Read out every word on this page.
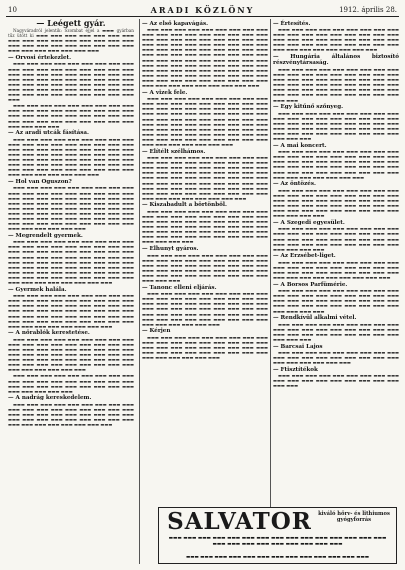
10	ARADI KÖZLÖNY	1912. április 28.
— Leégett gyár.
Nagyváradról jelentik: Szombat éjjel a ▬▬▬ gyárban tűz ütött ki ▬▬▬ ▬▬▬ ▬▬▬ ▬▬▬ ▬▬▬ ▬▬▬ ▬▬▬ ▬▬▬ ▬▬▬ ▬▬▬ ▬▬▬ ▬▬▬ ▬▬▬ ▬▬▬ ▬▬▬ ▬▬▬ ▬▬▬ ▬▬▬ ▬▬▬ ▬▬▬ ▬▬▬ ▬▬▬ ▬▬▬ ▬▬▬ ▬▬▬ ▬▬▬ ▬▬▬ ▬▬▬ ▬▬▬ ▬▬▬ ▬▬▬ ▬▬▬
— Orvosi értekezlet.
▬▬▬ ▬▬▬ ▬▬▬ ▬▬▬ ▬▬▬ ▬▬▬ ▬▬▬ ▬▬▬ ▬▬▬ ▬▬▬ ▬▬▬ ▬▬▬ ▬▬▬ ▬▬▬ ▬▬▬ ▬▬▬ ▬▬▬ ▬▬▬ ▬▬▬ ▬▬▬ ▬▬▬ ▬▬▬ ▬▬▬ ▬▬▬ ▬▬▬ ▬▬▬ ▬▬▬ ▬▬▬ ▬▬▬ ▬▬▬ ▬▬▬ ▬▬▬ ▬▬▬ ▬▬▬ ▬▬▬ ▬▬▬ ▬▬▬ ▬▬▬ ▬▬▬ ▬▬▬ ▬▬▬ ▬▬▬ ▬▬▬ ▬▬▬ ▬▬▬ ▬▬▬ ▬▬▬ ▬▬▬ ▬▬▬ ▬▬▬ ▬▬▬ ▬▬▬ ▬▬▬ ▬▬▬ ▬▬▬ ▬▬▬ ▬▬▬ ▬▬▬ ▬▬▬ ▬▬▬ ▬▬▬ ▬▬▬ ▬▬▬ ▬▬▬
▬▬▬ ▬▬▬ ▬▬▬ ▬▬▬ ▬▬▬ ▬▬▬ ▬▬▬ ▬▬▬ ▬▬▬ ▬▬▬ ▬▬▬ ▬▬▬ ▬▬▬ ▬▬▬ ▬▬▬ ▬▬▬ ▬▬▬ ▬▬▬ ▬▬▬ ▬▬▬ ▬▬▬ ▬▬▬ ▬▬▬ ▬▬▬ ▬▬▬ ▬▬▬ ▬▬▬ ▬▬▬ ▬▬▬ ▬▬▬ ▬▬▬ ▬▬▬ ▬▬▬ ▬▬▬ ▬▬▬ ▬▬▬ ▬▬▬ ▬▬▬ ▬▬▬ ▬▬▬
— Az aradi utcák fásítása.
▬▬▬ ▬▬▬ ▬▬▬ ▬▬▬ ▬▬▬ ▬▬▬ ▬▬▬ ▬▬▬ ▬▬▬ ▬▬▬ ▬▬▬ ▬▬▬ ▬▬▬ ▬▬▬ ▬▬▬ ▬▬▬ ▬▬▬ ▬▬▬ ▬▬▬ ▬▬▬ ▬▬▬ ▬▬▬ ▬▬▬ ▬▬▬ ▬▬▬ ▬▬▬ ▬▬▬ ▬▬▬ ▬▬▬ ▬▬▬ ▬▬▬ ▬▬▬ ▬▬▬ ▬▬▬ ▬▬▬ ▬▬▬ ▬▬▬ ▬▬▬ ▬▬▬ ▬▬▬ ▬▬▬ ▬▬▬ ▬▬▬ ▬▬▬ ▬▬▬ ▬▬▬ ▬▬▬ ▬▬▬ ▬▬▬ ▬▬▬ ▬▬▬ ▬▬▬ ▬▬▬ ▬▬▬ ▬▬▬ ▬▬▬ ▬▬▬ ▬▬▬ ▬▬▬ ▬▬▬ ▬▬▬ ▬▬▬ ▬▬▬ ▬▬▬ ▬▬▬ ▬▬▬ ▬▬▬ ▬▬▬ ▬▬▬ ▬▬▬
— Hol van Oguszon?
▬▬▬ ▬▬▬ ▬▬▬ ▬▬▬ ▬▬▬ ▬▬▬ ▬▬▬ ▬▬▬ ▬▬▬ ▬▬▬ ▬▬▬ ▬▬▬ ▬▬▬ ▬▬▬ ▬▬▬ ▬▬▬ ▬▬▬ ▬▬▬ ▬▬▬ ▬▬▬ ▬▬▬ ▬▬▬ ▬▬▬ ▬▬▬ ▬▬▬ ▬▬▬ ▬▬▬ ▬▬▬ ▬▬▬ ▬▬▬ ▬▬▬ ▬▬▬ ▬▬▬ ▬▬▬ ▬▬▬ ▬▬▬ ▬▬▬ ▬▬▬ ▬▬▬ ▬▬▬ ▬▬▬ ▬▬▬ ▬▬▬ ▬▬▬ ▬▬▬ ▬▬▬ ▬▬▬ ▬▬▬ ▬▬▬ ▬▬▬ ▬▬▬ ▬▬▬ ▬▬▬ ▬▬▬ ▬▬▬ ▬▬▬ ▬▬▬ ▬▬▬ ▬▬▬ ▬▬▬ ▬▬▬ ▬▬▬ ▬▬▬ ▬▬▬ ▬▬▬ ▬▬▬ ▬▬▬ ▬▬▬ ▬▬▬ ▬▬▬ ▬▬▬ ▬▬▬ ▬▬▬ ▬▬▬ ▬▬▬ ▬▬▬ ▬▬▬ ▬▬▬
— Megrendelt gyermek.
▬▬▬ ▬▬▬ ▬▬▬ ▬▬▬ ▬▬▬ ▬▬▬ ▬▬▬ ▬▬▬ ▬▬▬ ▬▬▬ ▬▬▬ ▬▬▬ ▬▬▬ ▬▬▬ ▬▬▬ ▬▬▬ ▬▬▬ ▬▬▬ ▬▬▬ ▬▬▬ ▬▬▬ ▬▬▬ ▬▬▬ ▬▬▬ ▬▬▬ ▬▬▬ ▬▬▬ ▬▬▬ ▬▬▬ ▬▬▬ ▬▬▬ ▬▬▬ ▬▬▬ ▬▬▬ ▬▬▬ ▬▬▬ ▬▬▬ ▬▬▬ ▬▬▬ ▬▬▬ ▬▬▬ ▬▬▬ ▬▬▬ ▬▬▬ ▬▬▬ ▬▬▬ ▬▬▬ ▬▬▬ ▬▬▬ ▬▬▬ ▬▬▬ ▬▬▬ ▬▬▬ ▬▬▬ ▬▬▬ ▬▬▬ ▬▬▬ ▬▬▬ ▬▬▬ ▬▬▬ ▬▬▬ ▬▬▬ ▬▬▬ ▬▬▬ ▬▬▬ ▬▬▬ ▬▬▬ ▬▬▬ ▬▬▬ ▬▬▬ ▬▬▬ ▬▬▬ ▬▬▬ ▬▬▬ ▬▬▬ ▬▬▬ ▬▬▬ ▬▬▬ ▬▬▬ ▬▬▬
— Gyermek halála.
▬▬▬ ▬▬▬ ▬▬▬ ▬▬▬ ▬▬▬ ▬▬▬ ▬▬▬ ▬▬▬ ▬▬▬ ▬▬▬ ▬▬▬ ▬▬▬ ▬▬▬ ▬▬▬ ▬▬▬ ▬▬▬ ▬▬▬ ▬▬▬ ▬▬▬ ▬▬▬ ▬▬▬ ▬▬▬ ▬▬▬ ▬▬▬ ▬▬▬ ▬▬▬ ▬▬▬ ▬▬▬ ▬▬▬ ▬▬▬ ▬▬▬ ▬▬▬ ▬▬▬ ▬▬▬ ▬▬▬ ▬▬▬ ▬▬▬ ▬▬▬ ▬▬▬ ▬▬▬ ▬▬▬ ▬▬▬ ▬▬▬ ▬▬▬ ▬▬▬ ▬▬▬ ▬▬▬ ▬▬▬ ▬▬▬ ▬▬▬ ▬▬▬ ▬▬▬ ▬▬▬ ▬▬▬ ▬▬▬ ▬▬▬ ▬▬▬ ▬▬▬ ▬▬▬ ▬▬▬ ▬▬▬ ▬▬▬
— A nőrablók kerestetése.
▬▬▬ ▬▬▬ ▬▬▬ ▬▬▬ ▬▬▬ ▬▬▬ ▬▬▬ ▬▬▬ ▬▬▬ ▬▬▬ ▬▬▬ ▬▬▬ ▬▬▬ ▬▬▬ ▬▬▬ ▬▬▬ ▬▬▬ ▬▬▬ ▬▬▬ ▬▬▬ ▬▬▬ ▬▬▬ ▬▬▬ ▬▬▬ ▬▬▬ ▬▬▬ ▬▬▬ ▬▬▬ ▬▬▬ ▬▬▬ ▬▬▬ ▬▬▬ ▬▬▬ ▬▬▬ ▬▬▬ ▬▬▬ ▬▬▬ ▬▬▬ ▬▬▬ ▬▬▬ ▬▬▬ ▬▬▬ ▬▬▬ ▬▬▬ ▬▬▬ ▬▬▬ ▬▬▬ ▬▬▬ ▬▬▬ ▬▬▬ ▬▬▬ ▬▬▬ ▬▬▬ ▬▬▬ ▬▬▬ ▬▬▬ ▬▬▬ ▬▬▬ ▬▬▬ ▬▬▬
▬▬▬ ▬▬▬ ▬▬▬ ▬▬▬ ▬▬▬ ▬▬▬ ▬▬▬ ▬▬▬ ▬▬▬ ▬▬▬ ▬▬▬ ▬▬▬ ▬▬▬ ▬▬▬ ▬▬▬ ▬▬▬ ▬▬▬ ▬▬▬ ▬▬▬ ▬▬▬ ▬▬▬ ▬▬▬ ▬▬▬ ▬▬▬ ▬▬▬ ▬▬▬ ▬▬▬ ▬▬▬ ▬▬▬ ▬▬▬ ▬▬▬ ▬▬▬
— A nadrág kereskedelem.
▬▬▬ ▬▬▬ ▬▬▬ ▬▬▬ ▬▬▬ ▬▬▬ ▬▬▬ ▬▬▬ ▬▬▬ ▬▬▬ ▬▬▬ ▬▬▬ ▬▬▬ ▬▬▬ ▬▬▬ ▬▬▬ ▬▬▬ ▬▬▬ ▬▬▬ ▬▬▬ ▬▬▬ ▬▬▬ ▬▬▬ ▬▬▬ ▬▬▬ ▬▬▬ ▬▬▬ ▬▬▬ ▬▬▬ ▬▬▬ ▬▬▬ ▬▬▬ ▬▬▬ ▬▬▬ ▬▬▬ ▬▬▬ ▬▬▬ ▬▬▬ ▬▬▬ ▬▬▬ ▬▬▬ ▬▬▬ ▬▬▬ ▬▬▬
— Az első kapavágás.
▬▬▬ ▬▬▬ ▬▬▬ ▬▬▬ ▬▬▬ ▬▬▬ ▬▬▬ ▬▬▬ ▬▬▬ ▬▬▬ ▬▬▬ ▬▬▬ ▬▬▬ ▬▬▬ ▬▬▬ ▬▬▬ ▬▬▬ ▬▬▬ ▬▬▬ ▬▬▬ ▬▬▬ ▬▬▬ ▬▬▬ ▬▬▬ ▬▬▬ ▬▬▬ ▬▬▬ ▬▬▬ ▬▬▬ ▬▬▬ ▬▬▬ ▬▬▬ ▬▬▬ ▬▬▬ ▬▬▬ ▬▬▬ ▬▬▬ ▬▬▬ ▬▬▬ ▬▬▬ ▬▬▬ ▬▬▬ ▬▬▬ ▬▬▬ ▬▬▬ ▬▬▬ ▬▬▬ ▬▬▬ ▬▬▬ ▬▬▬ ▬▬▬ ▬▬▬ ▬▬▬ ▬▬▬ ▬▬▬ ▬▬▬ ▬▬▬ ▬▬▬ ▬▬▬ ▬▬▬ ▬▬▬ ▬▬▬ ▬▬▬ ▬▬▬ ▬▬▬ ▬▬▬ ▬▬▬ ▬▬▬ ▬▬▬ ▬▬▬ ▬▬▬ ▬▬▬ ▬▬▬ ▬▬▬ ▬▬▬ ▬▬▬ ▬▬▬ ▬▬▬ ▬▬▬ ▬▬▬ ▬▬▬ ▬▬▬ ▬▬▬ ▬▬▬ ▬▬▬ ▬▬▬ ▬▬▬ ▬▬▬ ▬▬▬ ▬▬▬ ▬▬▬ ▬▬▬ ▬▬▬ ▬▬▬ ▬▬▬ ▬▬▬ ▬▬▬ ▬▬▬ ▬▬▬ ▬▬▬ ▬▬▬ ▬▬▬ ▬▬▬ ▬▬▬ ▬▬▬ ▬▬▬ ▬▬▬ ▬▬▬
— A vizek fele.
▬▬▬ ▬▬▬ ▬▬▬ ▬▬▬ ▬▬▬ ▬▬▬ ▬▬▬ ▬▬▬ ▬▬▬ ▬▬▬ ▬▬▬ ▬▬▬ ▬▬▬ ▬▬▬ ▬▬▬ ▬▬▬ ▬▬▬ ▬▬▬ ▬▬▬ ▬▬▬ ▬▬▬ ▬▬▬ ▬▬▬ ▬▬▬ ▬▬▬ ▬▬▬ ▬▬▬ ▬▬▬ ▬▬▬ ▬▬▬ ▬▬▬ ▬▬▬ ▬▬▬ ▬▬▬ ▬▬▬ ▬▬▬ ▬▬▬ ▬▬▬ ▬▬▬ ▬▬▬ ▬▬▬ ▬▬▬ ▬▬▬ ▬▬▬ ▬▬▬ ▬▬▬ ▬▬▬ ▬▬▬ ▬▬▬ ▬▬▬ ▬▬▬ ▬▬▬ ▬▬▬ ▬▬▬ ▬▬▬ ▬▬▬ ▬▬▬ ▬▬▬ ▬▬▬ ▬▬▬ ▬▬▬ ▬▬▬ ▬▬▬ ▬▬▬ ▬▬▬ ▬▬▬ ▬▬▬ ▬▬▬ ▬▬▬ ▬▬▬ ▬▬▬ ▬▬▬ ▬▬▬ ▬▬▬ ▬▬▬ ▬▬▬ ▬▬▬ ▬▬▬ ▬▬▬ ▬▬▬ ▬▬▬ ▬▬▬ ▬▬▬ ▬▬▬ ▬▬▬ ▬▬▬ ▬▬▬ ▬▬▬
— Elítélt szélhámos.
▬▬▬ ▬▬▬ ▬▬▬ ▬▬▬ ▬▬▬ ▬▬▬ ▬▬▬ ▬▬▬ ▬▬▬ ▬▬▬ ▬▬▬ ▬▬▬ ▬▬▬ ▬▬▬ ▬▬▬ ▬▬▬ ▬▬▬ ▬▬▬ ▬▬▬ ▬▬▬ ▬▬▬ ▬▬▬ ▬▬▬ ▬▬▬ ▬▬▬ ▬▬▬ ▬▬▬ ▬▬▬ ▬▬▬ ▬▬▬ ▬▬▬ ▬▬▬ ▬▬▬ ▬▬▬ ▬▬▬ ▬▬▬ ▬▬▬ ▬▬▬ ▬▬▬ ▬▬▬ ▬▬▬ ▬▬▬ ▬▬▬ ▬▬▬ ▬▬▬ ▬▬▬ ▬▬▬ ▬▬▬ ▬▬▬ ▬▬▬ ▬▬▬ ▬▬▬ ▬▬▬ ▬▬▬ ▬▬▬ ▬▬▬ ▬▬▬ ▬▬▬ ▬▬▬ ▬▬▬ ▬▬▬ ▬▬▬ ▬▬▬ ▬▬▬ ▬▬▬ ▬▬▬ ▬▬▬ ▬▬▬ ▬▬▬ ▬▬▬ ▬▬▬ ▬▬▬ ▬▬▬ ▬▬▬ ▬▬▬ ▬▬▬ ▬▬▬ ▬▬▬ ▬▬▬ ▬▬▬
— Kiszabadult a börtönből.
▬▬▬ ▬▬▬ ▬▬▬ ▬▬▬ ▬▬▬ ▬▬▬ ▬▬▬ ▬▬▬ ▬▬▬ ▬▬▬ ▬▬▬ ▬▬▬ ▬▬▬ ▬▬▬ ▬▬▬ ▬▬▬ ▬▬▬ ▬▬▬ ▬▬▬ ▬▬▬ ▬▬▬ ▬▬▬ ▬▬▬ ▬▬▬ ▬▬▬ ▬▬▬ ▬▬▬ ▬▬▬ ▬▬▬ ▬▬▬ ▬▬▬ ▬▬▬ ▬▬▬ ▬▬▬ ▬▬▬ ▬▬▬ ▬▬▬ ▬▬▬ ▬▬▬ ▬▬▬ ▬▬▬ ▬▬▬ ▬▬▬ ▬▬▬ ▬▬▬ ▬▬▬ ▬▬▬ ▬▬▬ ▬▬▬ ▬▬▬ ▬▬▬ ▬▬▬ ▬▬▬ ▬▬▬ ▬▬▬ ▬▬▬ ▬▬▬ ▬▬▬
— Elhunyt gyáros.
▬▬▬ ▬▬▬ ▬▬▬ ▬▬▬ ▬▬▬ ▬▬▬ ▬▬▬ ▬▬▬ ▬▬▬ ▬▬▬ ▬▬▬ ▬▬▬ ▬▬▬ ▬▬▬ ▬▬▬ ▬▬▬ ▬▬▬ ▬▬▬ ▬▬▬ ▬▬▬ ▬▬▬ ▬▬▬ ▬▬▬ ▬▬▬ ▬▬▬ ▬▬▬ ▬▬▬ ▬▬▬ ▬▬▬ ▬▬▬ ▬▬▬ ▬▬▬ ▬▬▬ ▬▬▬ ▬▬▬ ▬▬▬ ▬▬▬ ▬▬▬ ▬▬▬ ▬▬▬ ▬▬▬ ▬▬▬ ▬▬▬ ▬▬▬ ▬▬▬ ▬▬▬ ▬▬▬ ▬▬▬
— Tanonc elleni eljárás.
▬▬▬ ▬▬▬ ▬▬▬ ▬▬▬ ▬▬▬ ▬▬▬ ▬▬▬ ▬▬▬ ▬▬▬ ▬▬▬ ▬▬▬ ▬▬▬ ▬▬▬ ▬▬▬ ▬▬▬ ▬▬▬ ▬▬▬ ▬▬▬ ▬▬▬ ▬▬▬ ▬▬▬ ▬▬▬ ▬▬▬ ▬▬▬ ▬▬▬ ▬▬▬ ▬▬▬ ▬▬▬ ▬▬▬ ▬▬▬ ▬▬▬ ▬▬▬ ▬▬▬ ▬▬▬ ▬▬▬ ▬▬▬ ▬▬▬ ▬▬▬ ▬▬▬ ▬▬▬ ▬▬▬ ▬▬▬ ▬▬▬ ▬▬▬ ▬▬▬ ▬▬▬ ▬▬▬ ▬▬▬ ▬▬▬ ▬▬▬ ▬▬▬ ▬▬▬ ▬▬▬ ▬▬▬ ▬▬▬ ▬▬▬ ▬▬▬ ▬▬▬ ▬▬▬ ▬▬▬
— Kérjen
▬▬▬ ▬▬▬ ▬▬▬ ▬▬▬ ▬▬▬ ▬▬▬ ▬▬▬ ▬▬▬ ▬▬▬ ▬▬▬ ▬▬▬ ▬▬▬ ▬▬▬ ▬▬▬ ▬▬▬ ▬▬▬ ▬▬▬ ▬▬▬ ▬▬▬ ▬▬▬ ▬▬▬ ▬▬▬ ▬▬▬ ▬▬▬ ▬▬▬ ▬▬▬ ▬▬▬ ▬▬▬ ▬▬▬ ▬▬▬ ▬▬▬ ▬▬▬ ▬▬▬ ▬▬▬ ▬▬▬ ▬▬▬ ▬▬▬ ▬▬▬ ▬▬▬ ▬▬▬ ▬▬▬ ▬▬▬
— Értesítés.
▬▬▬ ▬▬▬ ▬▬▬ ▬▬▬ ▬▬▬ ▬▬▬ ▬▬▬ ▬▬▬ ▬▬▬ ▬▬▬ ▬▬▬ ▬▬▬ ▬▬▬ ▬▬▬ ▬▬▬ ▬▬▬ ▬▬▬ ▬▬▬ ▬▬▬ ▬▬▬ ▬▬▬ ▬▬▬ ▬▬▬ ▬▬▬ ▬▬▬ ▬▬▬ ▬▬▬ ▬▬▬ ▬▬▬ ▬▬▬ ▬▬▬ ▬▬▬ ▬▬▬ ▬▬▬ ▬▬▬ ▬▬▬ ▬▬▬ ▬▬▬ ▬▬▬ ▬▬▬ ▬▬▬ ▬▬▬ ▬▬▬ ▬▬▬
— Hungária általános biztosító részvénytársaság.
▬▬▬ ▬▬▬ ▬▬▬ ▬▬▬ ▬▬▬ ▬▬▬ ▬▬▬ ▬▬▬ ▬▬▬ ▬▬▬ ▬▬▬ ▬▬▬ ▬▬▬ ▬▬▬ ▬▬▬ ▬▬▬ ▬▬▬ ▬▬▬ ▬▬▬ ▬▬▬ ▬▬▬ ▬▬▬ ▬▬▬ ▬▬▬ ▬▬▬ ▬▬▬ ▬▬▬ ▬▬▬ ▬▬▬ ▬▬▬ ▬▬▬ ▬▬▬ ▬▬▬ ▬▬▬ ▬▬▬ ▬▬▬ ▬▬▬ ▬▬▬ ▬▬▬ ▬▬▬ ▬▬▬ ▬▬▬ ▬▬▬ ▬▬▬ ▬▬▬ ▬▬▬ ▬▬▬ ▬▬▬ ▬▬▬ ▬▬▬ ▬▬▬ ▬▬▬ ▬▬▬ ▬▬▬ ▬▬▬ ▬▬▬
— Egy kitűnő szőnyeg.
▬▬▬ ▬▬▬ ▬▬▬ ▬▬▬ ▬▬▬ ▬▬▬ ▬▬▬ ▬▬▬ ▬▬▬ ▬▬▬ ▬▬▬ ▬▬▬ ▬▬▬ ▬▬▬ ▬▬▬ ▬▬▬ ▬▬▬ ▬▬▬ ▬▬▬ ▬▬▬ ▬▬▬ ▬▬▬ ▬▬▬ ▬▬▬ ▬▬▬ ▬▬▬ ▬▬▬ ▬▬▬ ▬▬▬ ▬▬▬ ▬▬▬ ▬▬▬ ▬▬▬ ▬▬▬ ▬▬▬ ▬▬▬ ▬▬▬ ▬▬▬ ▬▬▬ ▬▬▬ ▬▬▬ ▬▬▬ ▬▬▬ ▬▬▬ ▬▬▬ ▬▬▬ ▬▬▬ ▬▬▬
— A mai koncert.
▬▬▬ ▬▬▬ ▬▬▬ ▬▬▬ ▬▬▬ ▬▬▬ ▬▬▬ ▬▬▬ ▬▬▬ ▬▬▬ ▬▬▬ ▬▬▬ ▬▬▬ ▬▬▬ ▬▬▬ ▬▬▬ ▬▬▬ ▬▬▬ ▬▬▬ ▬▬▬ ▬▬▬ ▬▬▬ ▬▬▬ ▬▬▬ ▬▬▬ ▬▬▬ ▬▬▬ ▬▬▬ ▬▬▬ ▬▬▬ ▬▬▬ ▬▬▬ ▬▬▬ ▬▬▬ ▬▬▬ ▬▬▬ ▬▬▬ ▬▬▬ ▬▬▬ ▬▬▬ ▬▬▬ ▬▬▬ ▬▬▬ ▬▬▬ ▬▬▬ ▬▬▬ ▬▬▬ ▬▬▬ ▬▬▬ ▬▬▬ ▬▬▬ ▬▬▬
— Az öntözés.
▬▬▬ ▬▬▬ ▬▬▬ ▬▬▬ ▬▬▬ ▬▬▬ ▬▬▬ ▬▬▬ ▬▬▬ ▬▬▬ ▬▬▬ ▬▬▬ ▬▬▬ ▬▬▬ ▬▬▬ ▬▬▬ ▬▬▬ ▬▬▬ ▬▬▬ ▬▬▬ ▬▬▬ ▬▬▬ ▬▬▬ ▬▬▬ ▬▬▬ ▬▬▬ ▬▬▬ ▬▬▬ ▬▬▬ ▬▬▬ ▬▬▬ ▬▬▬ ▬▬▬ ▬▬▬ ▬▬▬ ▬▬▬ ▬▬▬ ▬▬▬ ▬▬▬ ▬▬▬ ▬▬▬ ▬▬▬ ▬▬▬ ▬▬▬ ▬▬▬ ▬▬▬ ▬▬▬ ▬▬▬ ▬▬▬
— A Szegedi egyesület.
▬▬▬ ▬▬▬ ▬▬▬ ▬▬▬ ▬▬▬ ▬▬▬ ▬▬▬ ▬▬▬ ▬▬▬ ▬▬▬ ▬▬▬ ▬▬▬ ▬▬▬ ▬▬▬ ▬▬▬ ▬▬▬ ▬▬▬ ▬▬▬ ▬▬▬ ▬▬▬ ▬▬▬ ▬▬▬ ▬▬▬ ▬▬▬ ▬▬▬ ▬▬▬ ▬▬▬ ▬▬▬ ▬▬▬ ▬▬▬ ▬▬▬ ▬▬▬ ▬▬▬ ▬▬▬ ▬▬▬ ▬▬▬ ▬▬▬ ▬▬▬ ▬▬▬ ▬▬▬
— Az Erzsébet-liget.
▬▬▬ ▬▬▬ ▬▬▬ ▬▬▬ ▬▬▬ ▬▬▬ ▬▬▬ ▬▬▬ ▬▬▬ ▬▬▬ ▬▬▬ ▬▬▬ ▬▬▬ ▬▬▬ ▬▬▬ ▬▬▬ ▬▬▬ ▬▬▬ ▬▬▬ ▬▬▬ ▬▬▬ ▬▬▬ ▬▬▬ ▬▬▬ ▬▬▬ ▬▬▬ ▬▬▬ ▬▬▬ ▬▬▬ ▬▬▬ ▬▬▬ ▬▬▬ ▬▬▬ ▬▬▬ ▬▬▬ ▬▬▬
— A Borsos Parfümérie.
▬▬▬ ▬▬▬ ▬▬▬ ▬▬▬ ▬▬▬ ▬▬▬ ▬▬▬ ▬▬▬ ▬▬▬ ▬▬▬ ▬▬▬ ▬▬▬ ▬▬▬ ▬▬▬ ▬▬▬ ▬▬▬ ▬▬▬ ▬▬▬ ▬▬▬ ▬▬▬ ▬▬▬ ▬▬▬ ▬▬▬ ▬▬▬ ▬▬▬ ▬▬▬ ▬▬▬ ▬▬▬ ▬▬▬ ▬▬▬ ▬▬▬ ▬▬▬ ▬▬▬ ▬▬▬ ▬▬▬ ▬▬▬ ▬▬▬ ▬▬▬ ▬▬▬ ▬▬▬
— Rendkívül alkalmi vétel.
▬▬▬ ▬▬▬ ▬▬▬ ▬▬▬ ▬▬▬ ▬▬▬ ▬▬▬ ▬▬▬ ▬▬▬ ▬▬▬ ▬▬▬ ▬▬▬ ▬▬▬ ▬▬▬ ▬▬▬ ▬▬▬ ▬▬▬ ▬▬▬ ▬▬▬ ▬▬▬ ▬▬▬ ▬▬▬ ▬▬▬ ▬▬▬ ▬▬▬ ▬▬▬ ▬▬▬ ▬▬▬ ▬▬▬ ▬▬▬
— Barcsai Lajos
▬▬▬ ▬▬▬ ▬▬▬ ▬▬▬ ▬▬▬ ▬▬▬ ▬▬▬ ▬▬▬ ▬▬▬ ▬▬▬ ▬▬▬ ▬▬▬ ▬▬▬ ▬▬▬ ▬▬▬ ▬▬▬ ▬▬▬ ▬▬▬ ▬▬▬ ▬▬▬ ▬▬▬ ▬▬▬ ▬▬▬ ▬▬▬
— Ftisztítékok
▬▬▬ ▬▬▬ ▬▬▬ ▬▬▬ ▬▬▬ ▬▬▬ ▬▬▬ ▬▬▬ ▬▬▬ ▬▬▬ ▬▬▬ ▬▬▬ ▬▬▬ ▬▬▬ ▬▬▬ ▬▬▬ ▬▬▬ ▬▬▬ ▬▬▬ ▬▬▬
SALVATOR	kiváló hőrv- és lithiumos gyógyforrás
▬▬▬ ▬▬▬ ▬▬▬ ▬▬▬ ▬▬▬ ▬▬▬ ▬▬▬ ▬▬▬ ▬▬▬ ▬▬▬ ▬▬▬ ▬▬▬ ▬▬▬ ▬▬▬ ▬▬▬ ▬▬▬ ▬▬▬ ▬▬▬ ▬▬▬ ▬▬▬ ▬▬▬ ▬▬▬ ▬▬▬ ▬▬▬
▬▬▬ ▬▬▬ ▬▬▬ ▬▬▬ ▬▬▬ ▬▬▬ ▬▬▬ ▬▬▬ ▬▬▬ ▬▬▬ ▬▬▬ ▬▬▬ ▬▬▬
